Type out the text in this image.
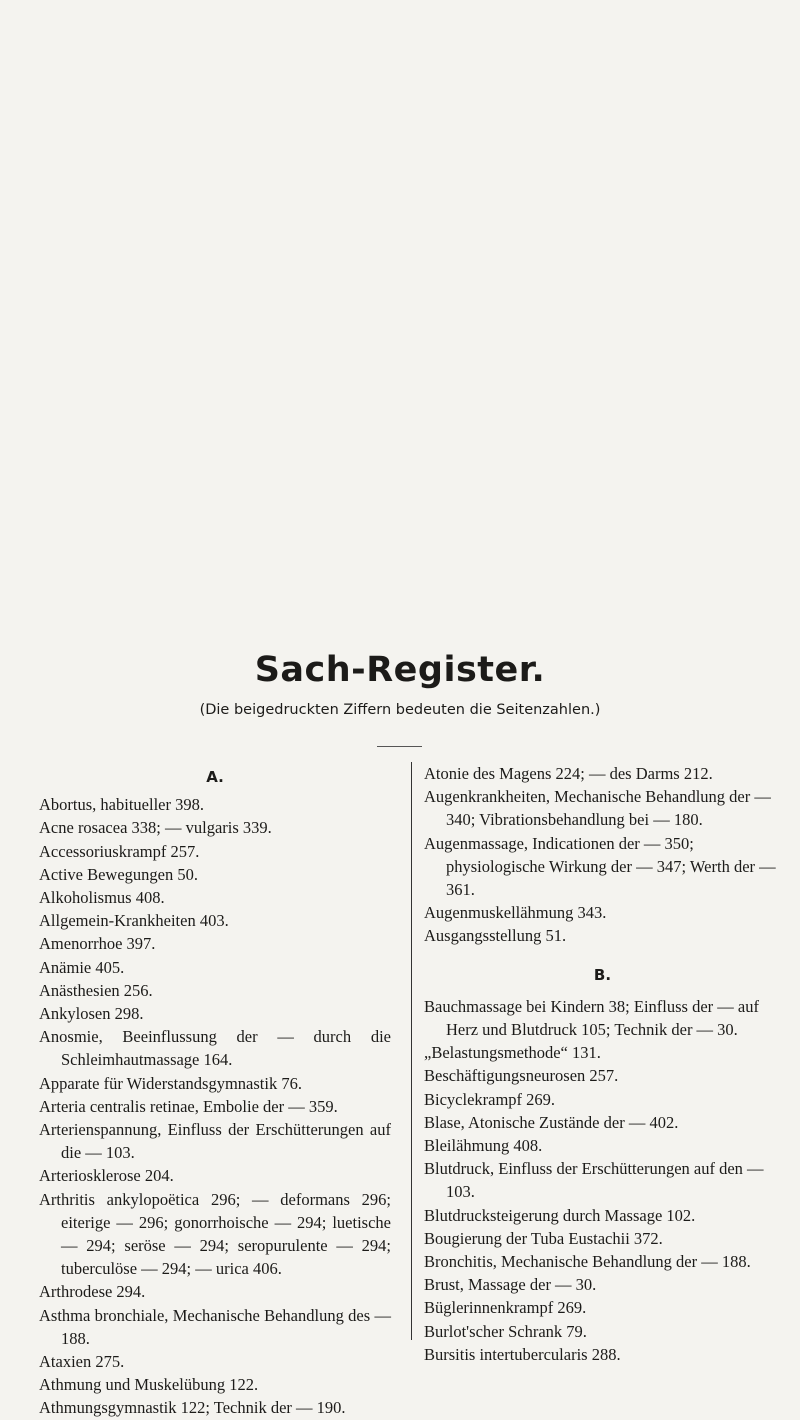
Sach-Register.

(Die beigedruckten Ziffern bedeuten die Seitenzahlen.)

A.

Abortus, habitueller 398.

Acne rosacea 338; — vulgaris 339.

Accessoriuskrampf 257.

Active Bewegungen 50.

Alkoholismus 408.

Allgemein-Krankheiten 403.

Amenorrhoe 397.

Anämie 405.

Anästhesien 256.

Ankylosen 298.

Anosmie, Beeinflussung der — durch die Schleimhautmassage 164.

Apparate für Widerstandsgymnastik 76.

Arteria centralis retinae, Embolie der — 359.

Arterienspannung, Einfluss der Erschütterungen auf die — 103.

Arteriosklerose 204.

Arthritis ankylopoëtica 296; — deformans 296; eiterige — 296; gonorrhoische — 294; luetische — 294; seröse — 294; seropurulente — 294; tuberculöse — 294; — urica 406.

Arthrodese 294.

Asthma bronchiale, Mechanische Behandlung des — 188.

Ataxien 275.

Athmung und Muskelübung 122.

Athmungsgymnastik 122; Technik der — 190.

Atonie des Magens 224; — des Darms 212.

Augenkrankheiten, Mechanische Behandlung der — 340; Vibrationsbehandlung bei — 180.

Augenmassage, Indicationen der — 350; physiologische Wirkung der — 347; Werth der — 361.

Augenmuskellähmung 343.

Ausgangsstellung 51.

B.

Bauchmassage bei Kindern 38; Einfluss der — auf Herz und Blutdruck 105; Technik der — 30.

„Belastungsmethode“ 131.

Beschäftigungsneurosen 257.

Bicyclekrampf 269.

Blase, Atonische Zustände der — 402.

Bleilähmung 408.

Blutdruck, Einfluss der Erschütterungen auf den — 103.

Blutdrucksteigerung durch Massage 102.

Bougierung der Tuba Eustachii 372.

Bronchitis, Mechanische Behandlung der — 188.

Brust, Massage der — 30.

Büglerinnenkrampf 269.

Burlot'scher Schrank 79.

Bursitis intertubercularis 288.
